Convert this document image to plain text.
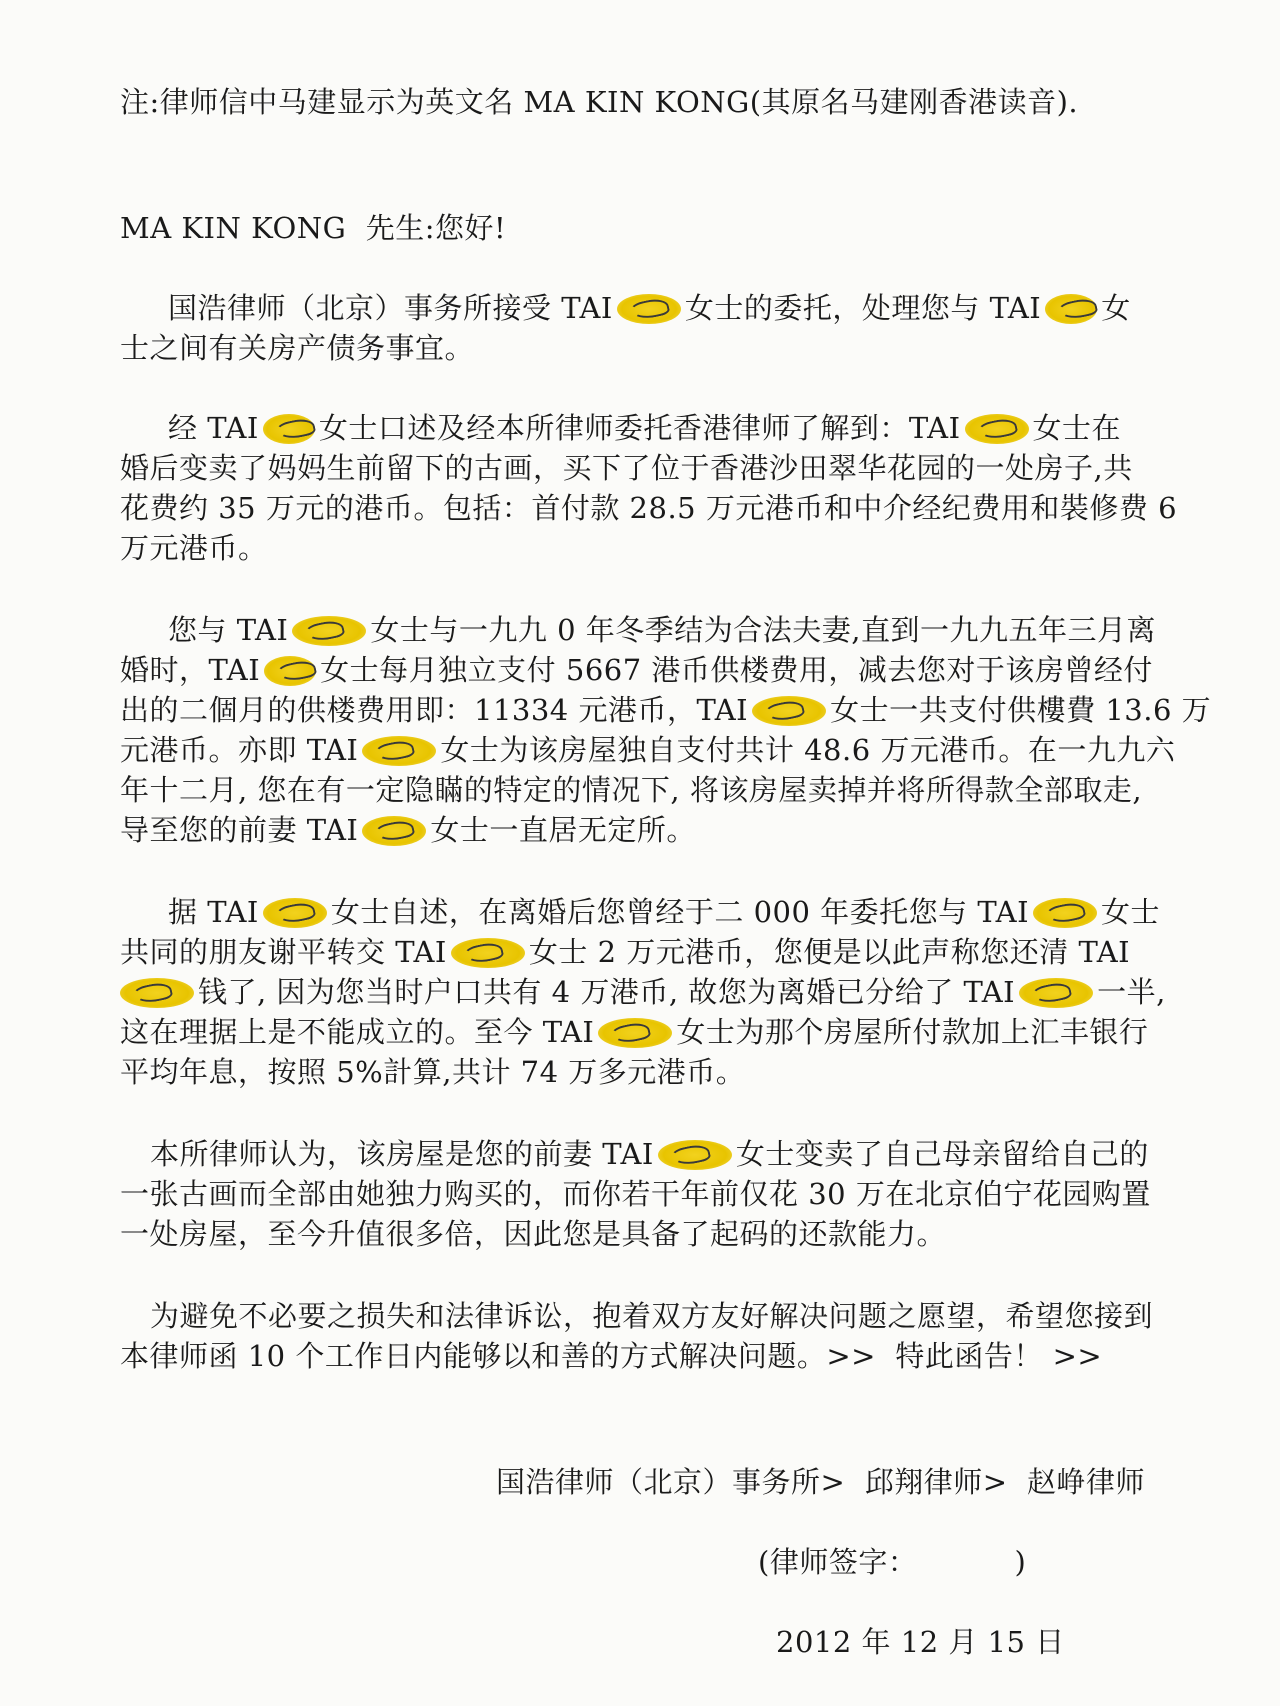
注:律师信中马建显示为英文名 MA KIN KONG(其原名马建刚香港读音).
MA KIN KONG  先生:您好!
国浩律师（北京）事务所接受 TAI 女士的委托，处理您与 TAI 女
士之间有关房产债务事宜。
经 TAI 女士口述及经本所律师委托香港律师了解到：TAI 女士在
婚后变卖了妈妈生前留下的古画，买下了位于香港沙田翠华花园的一处房子,共
花费约 35 万元的港币。包括：首付款 28.5 万元港币和中介经纪费用和裝修费 6
万元港币。
您与 TAI	女士与一九九 0 年冬季结为合法夫妻,直到一九九五年三月离
婚时，TAI 女士每月独立支付 5667 港币供楼费用，减去您对于该房曾经付
出的二個月的供楼费用即：11334 元港币，TAI	女士一共支付供樓費 13.6 万
元港币。亦即 TAI	女士为该房屋独自支付共计 48.6 万元港币。在一九九六
年十二月, 您在有一定隐瞞的特定的情况下, 将该房屋卖掉并将所得款全部取走,
导至您的前妻 TAI 女士一直居无定所。
据 TAI 女士自述，在离婚后您曾经于二 000 年委托您与 TAI 女士
共同的朋友谢平转交 TAI	女士 2 万元港币，您便是以此声称您还清 TAI
钱了, 因为您当时户口共有 4 万港币, 故您为离婚已分给了 TAI	一半,
这在理据上是不能成立的。至今 TAI	女士为那个房屋所付款加上汇丰银行
平均年息，按照 5%計算,共计 74 万多元港币。
本所律师认为，该房屋是您的前妻 TAI	女士变卖了自己母亲留给自己的
一张古画而全部由她独力购买的，而你若干年前仅花 30 万在北京伯宁花园购置
一处房屋，至今升值很多倍，因此您是具备了起码的还款能力。
为避免不必要之损失和法律诉讼，抱着双方友好解决问题之愿望，希望您接到
本律师函 10 个工作日内能够以和善的方式解决问题。>>  特此函告！ >>
国浩律师（北京）事务所>  邱翔律师>  赵峥律师
(律师签字：          )
2012 年 12 月 15 日
